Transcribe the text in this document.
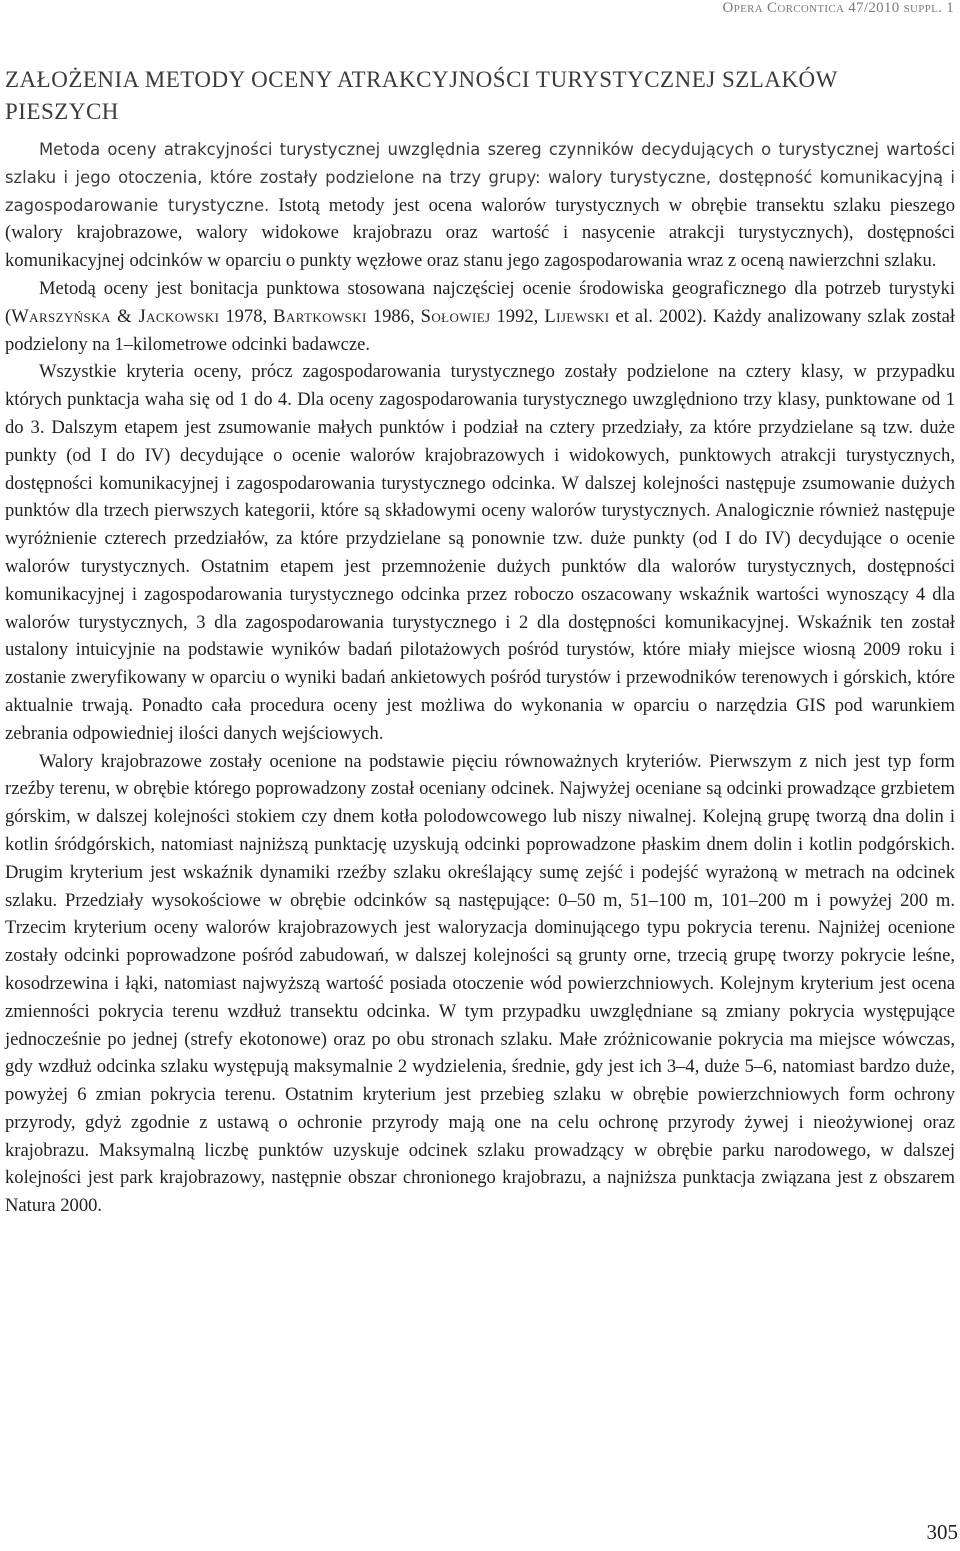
Opera Corcontica 47/2010 suppl. 1
ZAŁOŻENIA METODY OCENY ATRAKCYJNOŚCI TURYSTYCZNEJ SZLAKÓW PIESZYCH

Metoda oceny atrakcyjności turystycznej uwzględnia szereg czynników decydujących o turystycznej wartości szlaku i jego otoczenia, które zostały podzielone na trzy grupy: walory turystyczne, dostępność komunikacyjną i zagospodarowanie turystyczne. Istotą metody jest ocena walorów turystycznych w obrębie transektu szlaku pieszego (walory krajobrazowe, walory widokowe krajobrazu oraz wartość i nasycenie atrakcji turystycznych), dostępności komunikacyjnej odcinków w oparciu o punkty węzłowe oraz stanu jego zagospodarowania wraz z oceną nawierzchni szlaku.

Metodą oceny jest bonitacja punktowa stosowana najczęściej ocenie środowiska geograficznego dla potrzeb turystyki (Warszyńska & Jackowski 1978, Bartkowski 1986, Sołowiej 1992, Lijewski et al. 2002). Każdy analizowany szlak został podzielony na 1–kilometrowe odcinki badawcze.

Wszystkie kryteria oceny, prócz zagospodarowania turystycznego zostały podzielone na cztery klasy, w przypadku których punktacja waha się od 1 do 4. Dla oceny zagospodarowania turystycznego uwzględniono trzy klasy, punktowane od 1 do 3. Dalszym etapem jest zsumowanie małych punktów i podział na cztery przedziały, za które przydzielane są tzw. duże punkty (od I do IV) decydujące o ocenie walorów krajobrazowych i widokowych, punktowych atrakcji turystycznych, dostępności komunikacyjnej i zagospodarowania turystycznego odcinka. W dalszej kolejności następuje zsumowanie dużych punktów dla trzech pierwszych kategorii, które są składowymi oceny walorów turystycznych. Analogicznie również następuje wyróżnienie czterech przedziałów, za które przydzielane są ponownie tzw. duże punkty (od I do IV) decydujące o ocenie walorów turystycznych. Ostatnim etapem jest przemnożenie dużych punktów dla walorów turystycznych, dostępności komunikacyjnej i zagospodarowania turystycznego odcinka przez roboczo oszacowany wskaźnik wartości wynoszący 4 dla walorów turystycznych, 3 dla zagospodarowania turystycznego i 2 dla dostępności komunikacyjnej. Wskaźnik ten został ustalony intuicyjnie na podstawie wyników badań pilotażowych pośród turystów, które miały miejsce wiosną 2009 roku i zostanie zweryfikowany w oparciu o wyniki badań ankietowych pośród turystów i przewodników terenowych i górskich, które aktualnie trwają. Ponadto cała procedura oceny jest możliwa do wykonania w oparciu o narzędzia GIS pod warunkiem zebrania odpowiedniej ilości danych wejściowych.

Walory krajobrazowe zostały ocenione na podstawie pięciu równoważnych kryteriów. Pierwszym z nich jest typ form rzeźby terenu, w obrębie którego poprowadzony został oceniany odcinek. Najwyżej oceniane są odcinki prowadzące grzbietem górskim, w dalszej kolejności stokiem czy dnem kotła polodowcowego lub niszy niwalnej. Kolejną grupę tworzą dna dolin i kotlin śródgórskich, natomiast najniższą punktację uzyskują odcinki poprowadzone płaskim dnem dolin i kotlin podgórskich. Drugim kryterium jest wskaźnik dynamiki rzeźby szlaku określający sumę zejść i podejść wyrażoną w metrach na odcinek szlaku. Przedziały wysokościowe w obrębie odcinków są następujące: 0–50 m, 51–100 m, 101–200 m i powyżej 200 m. Trzecim kryterium oceny walorów krajobrazowych jest waloryzacja dominującego typu pokrycia terenu. Najniżej ocenione zostały odcinki poprowadzone pośród zabudowań, w dalszej kolejności są grunty orne, trzecią grupę tworzy pokrycie leśne, kosodrzewina i łąki, natomiast najwyższą wartość posiada otoczenie wód powierzchniowych. Kolejnym kryterium jest ocena zmienności pokrycia terenu wzdłuż transektu odcinka. W tym przypadku uwzględniane są zmiany pokrycia występujące jednocześnie po jednej (strefy ekotonowe) oraz po obu stronach szlaku. Małe zróżnicowanie pokrycia ma miejsce wówczas, gdy wzdłuż odcinka szlaku występują maksymalnie 2 wydzielenia, średnie, gdy jest ich 3–4, duże 5–6, natomiast bardzo duże, powyżej 6 zmian pokrycia terenu. Ostatnim kryterium jest przebieg szlaku w obrębie powierzchniowych form ochrony przyrody, gdyż zgodnie z ustawą o ochronie przyrody mają one na celu ochronę przyrody żywej i nieożywionej oraz krajobrazu. Maksymalną liczbę punktów uzyskuje odcinek szlaku prowadzący w obrębie parku narodowego, w dalszej kolejności jest park krajobrazowy, następnie obszar chronionego krajobrazu, a najniższa punktacja związana jest z obszarem Natura 2000.

305
